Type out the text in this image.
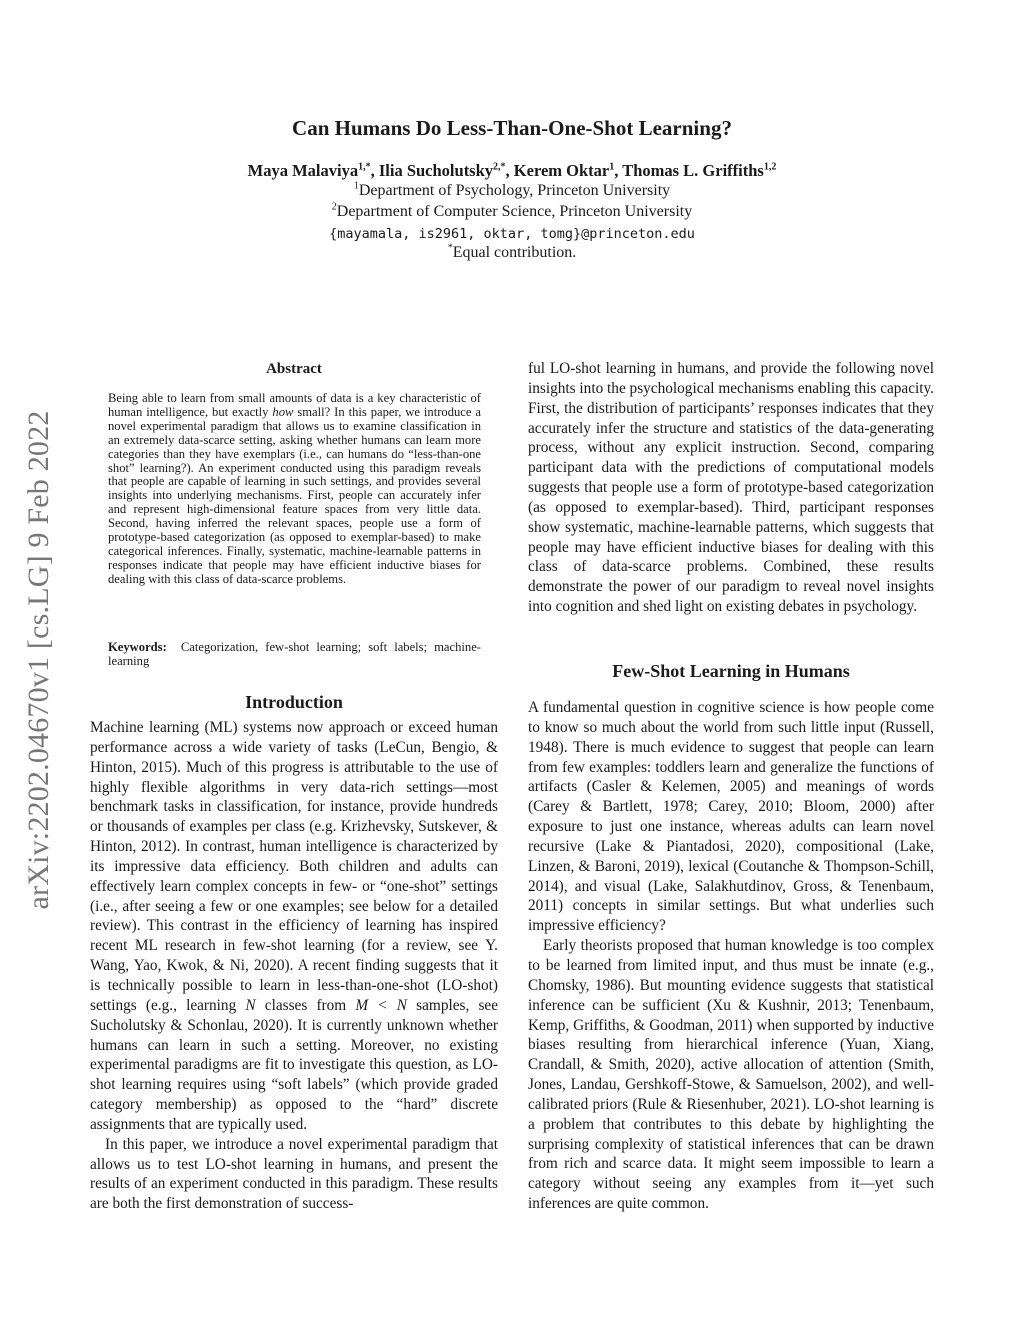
Can Humans Do Less-Than-One-Shot Learning?
Maya Malaviya$^{1,*}$, Ilia Sucholutsky$^{2,*}$, Kerem Oktar$^1$, Thomas L. Griffiths$^{1,2}$
$^1$Department of Psychology, Princeton University
$^2$Department of Computer Science, Princeton University
{mayamala, is2961, oktar, tomg}@princeton.edu
*Equal contribution.
arXiv:2202.04670v1 [cs.LG] 9 Feb 2022
Abstract
Being able to learn from small amounts of data is a key characteristic of human intelligence, but exactly how small? In this paper, we introduce a novel experimental paradigm that allows us to examine classification in an extremely data-scarce setting, asking whether humans can learn more categories than they have exemplars (i.e., can humans do “less-than-one shot” learning?). An experiment conducted using this paradigm reveals that people are capable of learning in such settings, and provides several insights into underlying mechanisms. First, people can accurately infer and represent high-dimensional feature spaces from very little data. Second, having inferred the relevant spaces, people use a form of prototype-based categorization (as opposed to exemplar-based) to make categorical inferences. Finally, systematic, machine-learnable patterns in responses indicate that people may have efficient inductive biases for dealing with this class of data-scarce problems.
Keywords: Categorization, few-shot learning; soft labels; machine-learning
Introduction

Machine learning (ML) systems now approach or exceed human performance across a wide variety of tasks (LeCun, Bengio, & Hinton, 2015). Much of this progress is attributable to the use of highly flexible algorithms in very data-rich settings—most benchmark tasks in classification, for instance, provide hundreds or thousands of examples per class (e.g. Krizhevsky, Sutskever, & Hinton, 2012). In contrast, human intelligence is characterized by its impressive data efficiency. Both children and adults can effectively learn complex concepts in few- or “one-shot” settings (i.e., after seeing a few or one examples; see below for a detailed review). This contrast in the efficiency of learning has inspired recent ML research in few-shot learning (for a review, see Y. Wang, Yao, Kwok, & Ni, 2020). A recent finding suggests that it is technically possible to learn in less-than-one-shot (LO-shot) settings (e.g., learning N classes from M < N samples, see Sucholutsky & Schonlau, 2020). It is currently unknown whether humans can learn in such a setting. Moreover, no existing experimental paradigms are fit to investigate this question, as LO-shot learning requires using “soft labels” (which provide graded category membership) as opposed to the “hard” discrete assignments that are typically used.

In this paper, we introduce a novel experimental paradigm that allows us to test LO-shot learning in humans, and present the results of an experiment conducted in this paradigm. These results are both the first demonstration of success-

ful LO-shot learning in humans, and provide the following novel insights into the psychological mechanisms enabling this capacity. First, the distribution of participants’ responses indicates that they accurately infer the structure and statistics of the data-generating process, without any explicit instruction. Second, comparing participant data with the predictions of computational models suggests that people use a form of prototype-based categorization (as opposed to exemplar-based). Third, participant responses show systematic, machine-learnable patterns, which suggests that people may have efficient inductive biases for dealing with this class of data-scarce problems. Combined, these results demonstrate the power of our paradigm to reveal novel insights into cognition and shed light on existing debates in psychology.

Few-Shot Learning in Humans

A fundamental question in cognitive science is how people come to know so much about the world from such little input (Russell, 1948). There is much evidence to suggest that people can learn from few examples: toddlers learn and generalize the functions of artifacts (Casler & Kelemen, 2005) and meanings of words (Carey & Bartlett, 1978; Carey, 2010; Bloom, 2000) after exposure to just one instance, whereas adults can learn novel recursive (Lake & Piantadosi, 2020), compositional (Lake, Linzen, & Baroni, 2019), lexical (Coutanche & Thompson-Schill, 2014), and visual (Lake, Salakhutdinov, Gross, & Tenenbaum, 2011) concepts in similar settings. But what underlies such impressive efficiency?

Early theorists proposed that human knowledge is too complex to be learned from limited input, and thus must be innate (e.g., Chomsky, 1986). But mounting evidence suggests that statistical inference can be sufficient (Xu & Kushnir, 2013; Tenenbaum, Kemp, Griffiths, & Goodman, 2011) when supported by inductive biases resulting from hierarchical inference (Yuan, Xiang, Crandall, & Smith, 2020), active allocation of attention (Smith, Jones, Landau, Gershkoff-Stowe, & Samuelson, 2002), and well-calibrated priors (Rule & Riesenhuber, 2021). LO-shot learning is a problem that contributes to this debate by highlighting the surprising complexity of statistical inferences that can be drawn from rich and scarce data. It might seem impossible to learn a category without seeing any examples from it—yet such inferences are quite common.
